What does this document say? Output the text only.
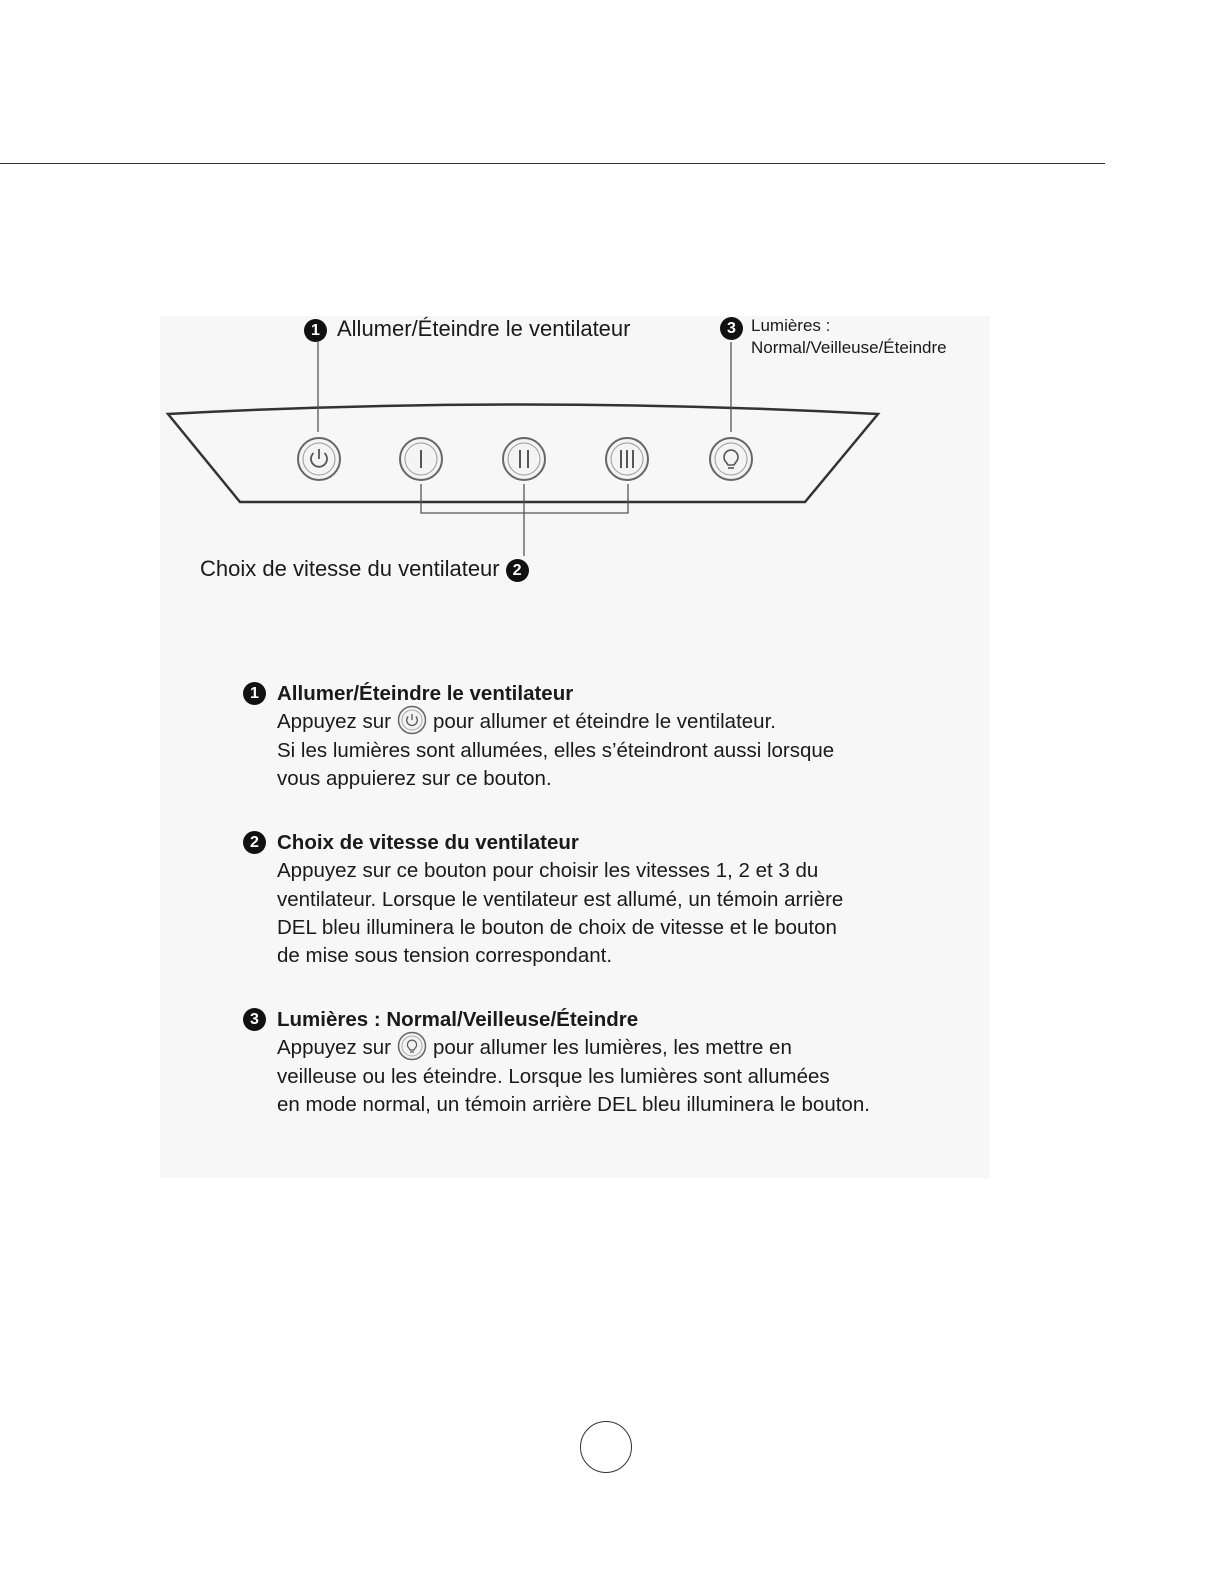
1 Allumer/Éteindre le ventilateur	3 Lumières :
Normal/Veilleuse/Éteindre
Choix de vitesse du ventilateur 2
1 Allumer/Éteindre le ventilateur

Appuyez sur pour allumer et éteindre le ventilateur.

Si les lumières sont allumées, elles s’éteindront aussi lorsque

vous appuierez sur ce bouton.

2 Choix de vitesse du ventilateur

Appuyez sur ce bouton pour choisir les vitesses 1, 2 et 3 du

ventilateur. Lorsque le ventilateur est allumé, un témoin arrière

DEL bleu illuminera le bouton de choix de vitesse et le bouton

de mise sous tension correspondant.

3 Lumières : Normal/Veilleuse/Éteindre

Appuyez sur pour allumer les lumières, les mettre en

veilleuse ou les éteindre. Lorsque les lumières sont allumées

en mode normal, un témoin arrière DEL bleu illuminera le bouton.
